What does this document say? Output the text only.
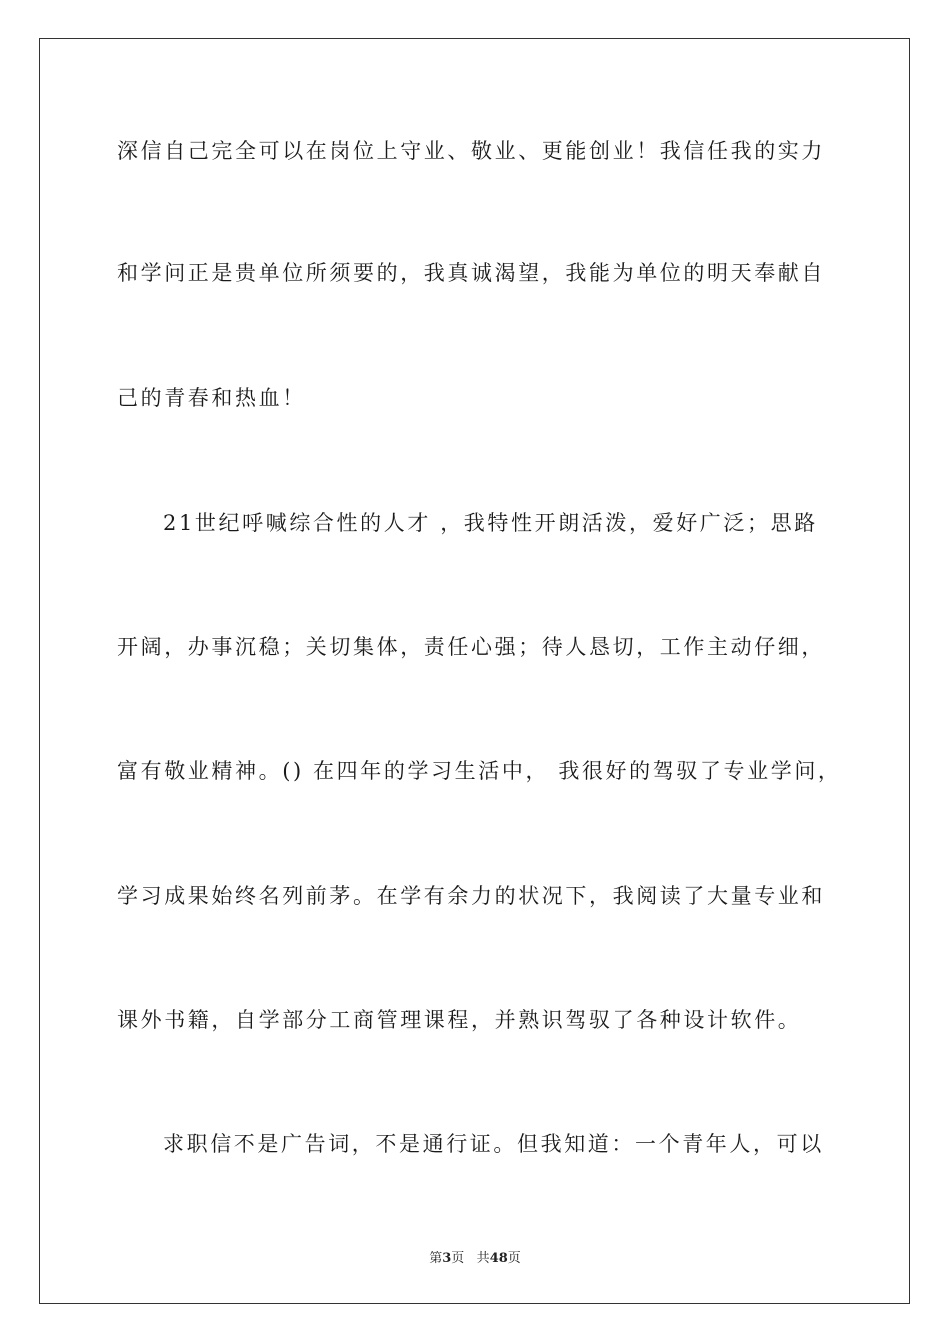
深信自己完全可以在岗位上守业、敬业、更能创业！我信任我的实力
和学问正是贵单位所须要的，我真诚渴望，我能为单位的明天奉献自
己的青春和热血！
21世纪呼喊综合性的人才 ，我特性开朗活泼，爱好广泛；思路
开阔，办事沉稳；关切集体，责任心强；待人恳切，工作主动仔细，
富有敬业精神。() 在四年的学习生活中， 我很好的驾驭了专业学问，
学习成果始终名列前茅。在学有余力的状况下，我阅读了大量专业和
课外书籍，自学部分工商管理课程，并熟识驾驭了各种设计软件。
求职信不是广告词，不是通行证。但我知道：一个青年人，可以
第3页 共48页
